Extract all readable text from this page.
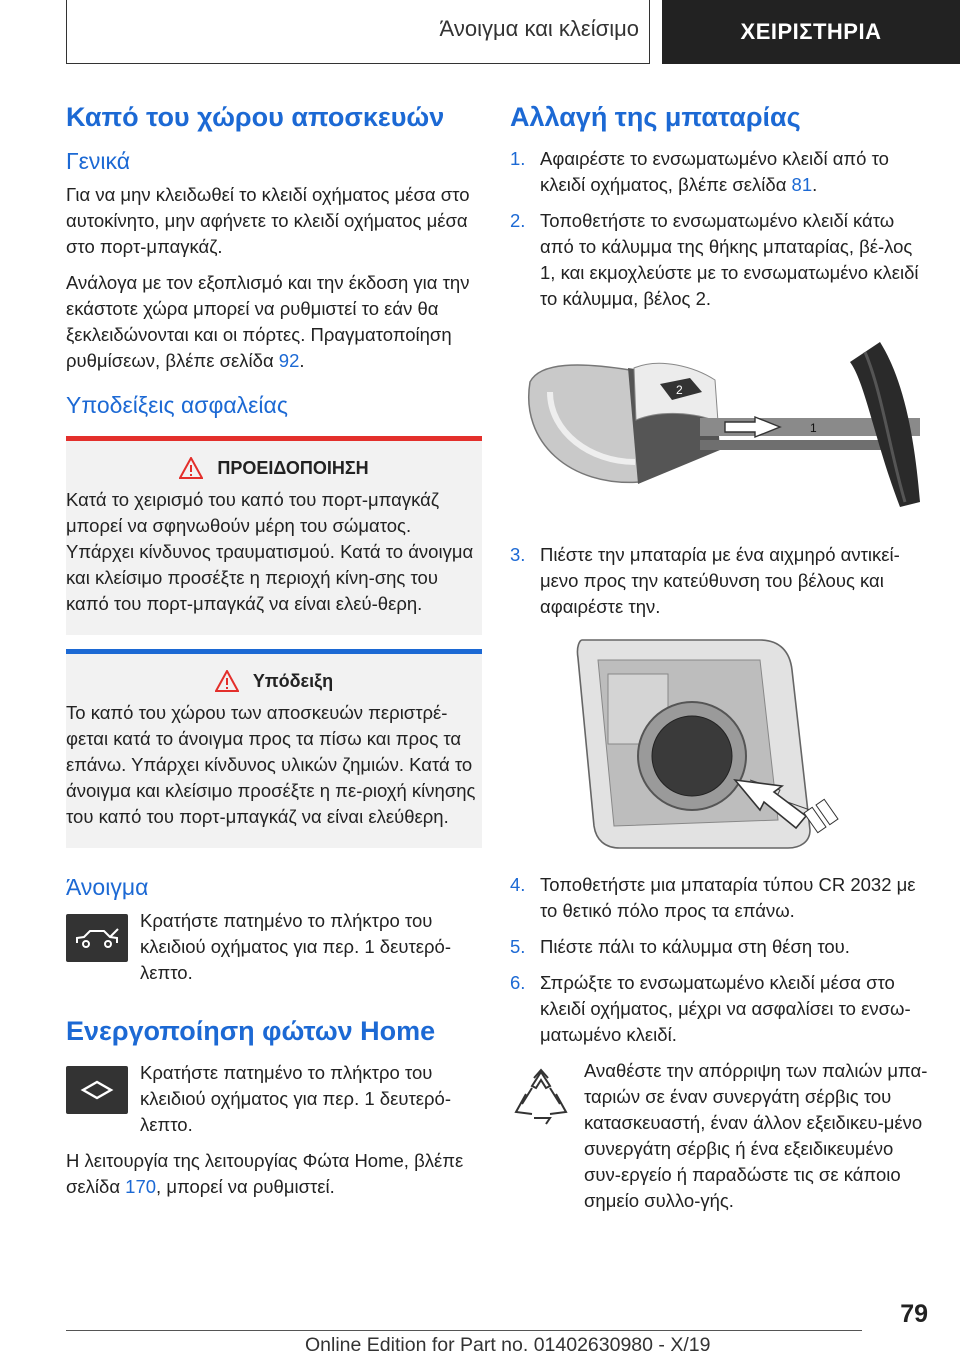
Άνοιγμα και κλείσιμο	ΧΕΙΡΙΣΤΗΡΙΑ
Καπό του χώρου αποσκευών
Γενικά

Για να μην κλειδωθεί το κλειδί οχήματος μέσα στο αυτοκίνητο, μην αφήνετε το κλειδί οχήματος μέσα στο πορτ-μπαγκάζ.

Ανάλογα με τον εξοπλισμό και την έκδοση για την εκάστοτε χώρα μπορεί να ρυθμιστεί το εάν θα ξεκλειδώνονται και οι πόρτες. Πραγματοποίηση ρυθμίσεων, βλέπε σελίδα 92.

Υποδείξεις ασφαλείας
ΠΡΟΕΙΔΟΠΟΙΗΣΗ

Κατά το χειρισμό του καπό του πορτ-μπαγκάζ μπορεί να σφηνωθούν μέρη του σώματος. Υπάρχει κίνδυνος τραυματισμού. Κατά το άνοιγμα και κλείσιμο προσέξτε η περιοχή κίνη-σης του καπό του πορτ-μπαγκάζ να είναι ελεύ-θερη.

Υπόδειξη

Το καπό του χώρου των αποσκευών περιστρέ-φεται κατά το άνοιγμα προς τα πίσω και προς τα επάνω. Υπάρχει κίνδυνος υλικών ζημιών. Κατά το άνοιγμα και κλείσιμο προσέξτε η πε-ριοχή κίνησης του καπό του πορτ-μπαγκάζ να είναι ελεύθερη.

Άνοιγμα

Κρατήστε πατημένο το πλήκτρο του κλειδιού οχήματος για περ. 1 δευτερό-λεπτο.

Ενεργοποίηση φώτων Home

Κρατήστε πατημένο το πλήκτρο του κλειδιού οχήματος για περ. 1 δευτερό-λεπτο.

Η λειτουργία της λειτουργίας Φώτα Home, βλέπε σελίδα 170, μπορεί να ρυθμιστεί.

Αλλαγή της μπαταρίας
1. Αφαιρέστε το ενσωματωμένο κλειδί από το κλειδί οχήματος, βλέπε σελίδα 81.
2. Τοποθετήστε το ενσωματωμένο κλειδί κάτω από το κάλυμμα της θήκης μπαταρίας, βέ-λος 1, και εκμοχλεύστε με το ενσωματωμένο κλειδί το κάλυμμα, βέλος 2.
2
1
3. Πιέστε την μπαταρία με ένα αιχμηρό αντικεί-μενο προς την κατεύθυνση του βέλους και αφαιρέστε την.
4. Τοποθετήστε μια μπαταρία τύπου CR 2032 με το θετικό πόλο προς τα επάνω.
5. Πιέστε πάλι το κάλυμμα στη θέση του.
6. Σπρώξτε το ενσωματωμένο κλειδί μέσα στο κλειδί οχήματος, μέχρι να ασφαλίσει το ενσω-ματωμένο κλειδί.

Αναθέστε την απόρριψη των παλιών μπα-ταριών σε έναν συνεργάτη σέρβις του κατασκευαστή, έναν άλλον εξειδικευ-μένο συνεργάτη σέρβις ή ένα εξειδικευμένο συν-εργείο ή παραδώστε τις σε κάποιο σημείο συλλο-γής.

79
Online Edition for Part no. 01402630980 - X/19
